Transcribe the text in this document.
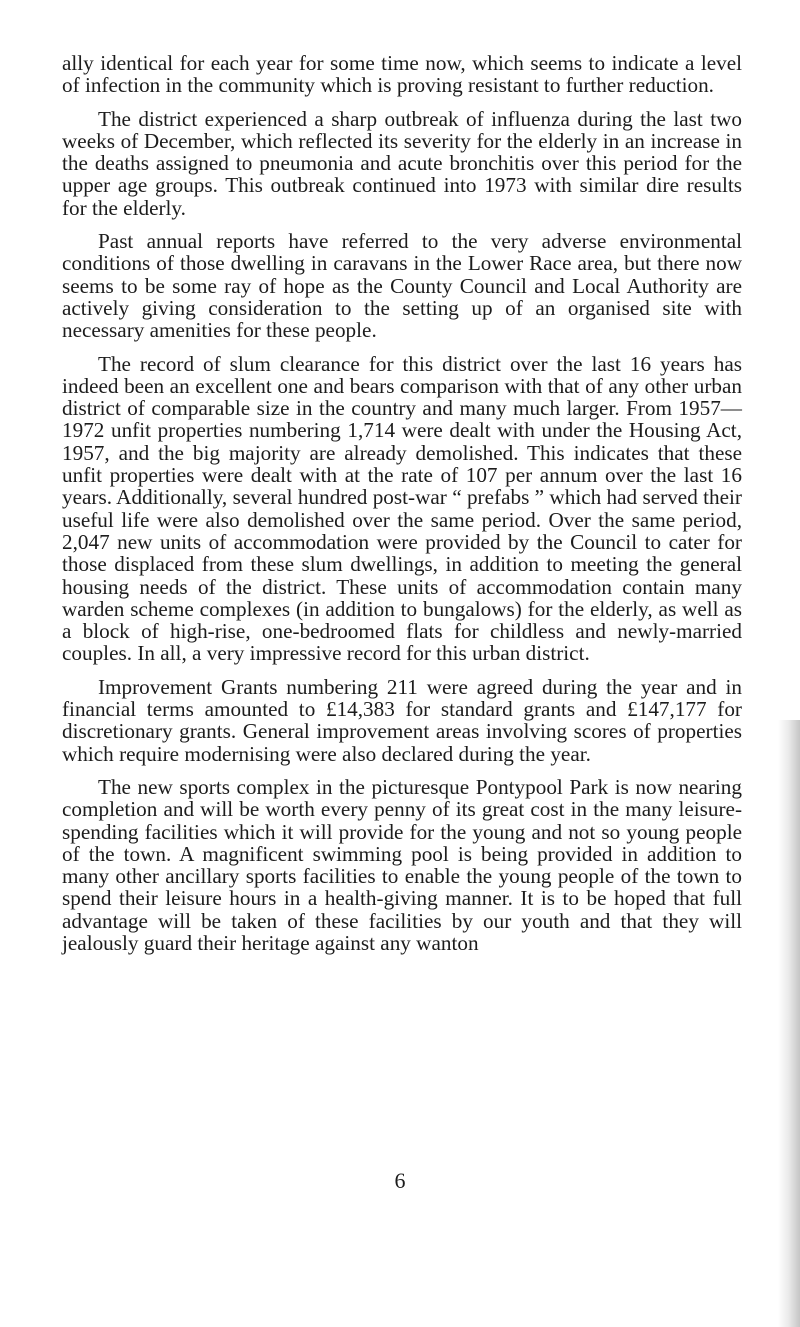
ally identical for each year for some time now, which seems to indicate a level of infection in the community which is proving resistant to further reduction.

The district experienced a sharp outbreak of influenza during the last two weeks of December, which reflected its severity for the elderly in an increase in the deaths assigned to pneumonia and acute bronchitis over this period for the upper age groups. This outbreak continued into 1973 with similar dire results for the elderly.

Past annual reports have referred to the very adverse environmental conditions of those dwelling in caravans in the Lower Race area, but there now seems to be some ray of hope as the County Council and Local Authority are actively giving consideration to the setting up of an organised site with necessary amenities for these people.

The record of slum clearance for this district over the last 16 years has indeed been an excellent one and bears comparison with that of any other urban district of comparable size in the country and many much larger. From 1957—1972 unfit properties numbering 1,714 were dealt with under the Housing Act, 1957, and the big majority are already demolished. This indicates that these unfit properties were dealt with at the rate of 107 per annum over the last 16 years. Additionally, several hundred post-war “ prefabs ” which had served their useful life were also demolished over the same period. Over the same period, 2,047 new units of accommodation were provided by the Council to cater for those displaced from these slum dwellings, in addition to meeting the general housing needs of the district. These units of accommodation contain many warden scheme complexes (in addition to bungalows) for the elderly, as well as a block of high-rise, one-bedroomed flats for childless and newly-married couples. In all, a very impressive record for this urban district.

Improvement Grants numbering 211 were agreed during the year and in financial terms amounted to £14,383 for standard grants and £147,177 for discretionary grants. General improvement areas involving scores of properties which require modernising were also declared during the year.

The new sports complex in the picturesque Pontypool Park is now nearing completion and will be worth every penny of its great cost in the many leisure-spending facilities which it will provide for the young and not so young people of the town. A magnificent swimming pool is being provided in addition to many other ancillary sports facilities to enable the young people of the town to spend their leisure hours in a health-giving manner. It is to be hoped that full advantage will be taken of these facilities by our youth and that they will jealously guard their heritage against any wanton

6
